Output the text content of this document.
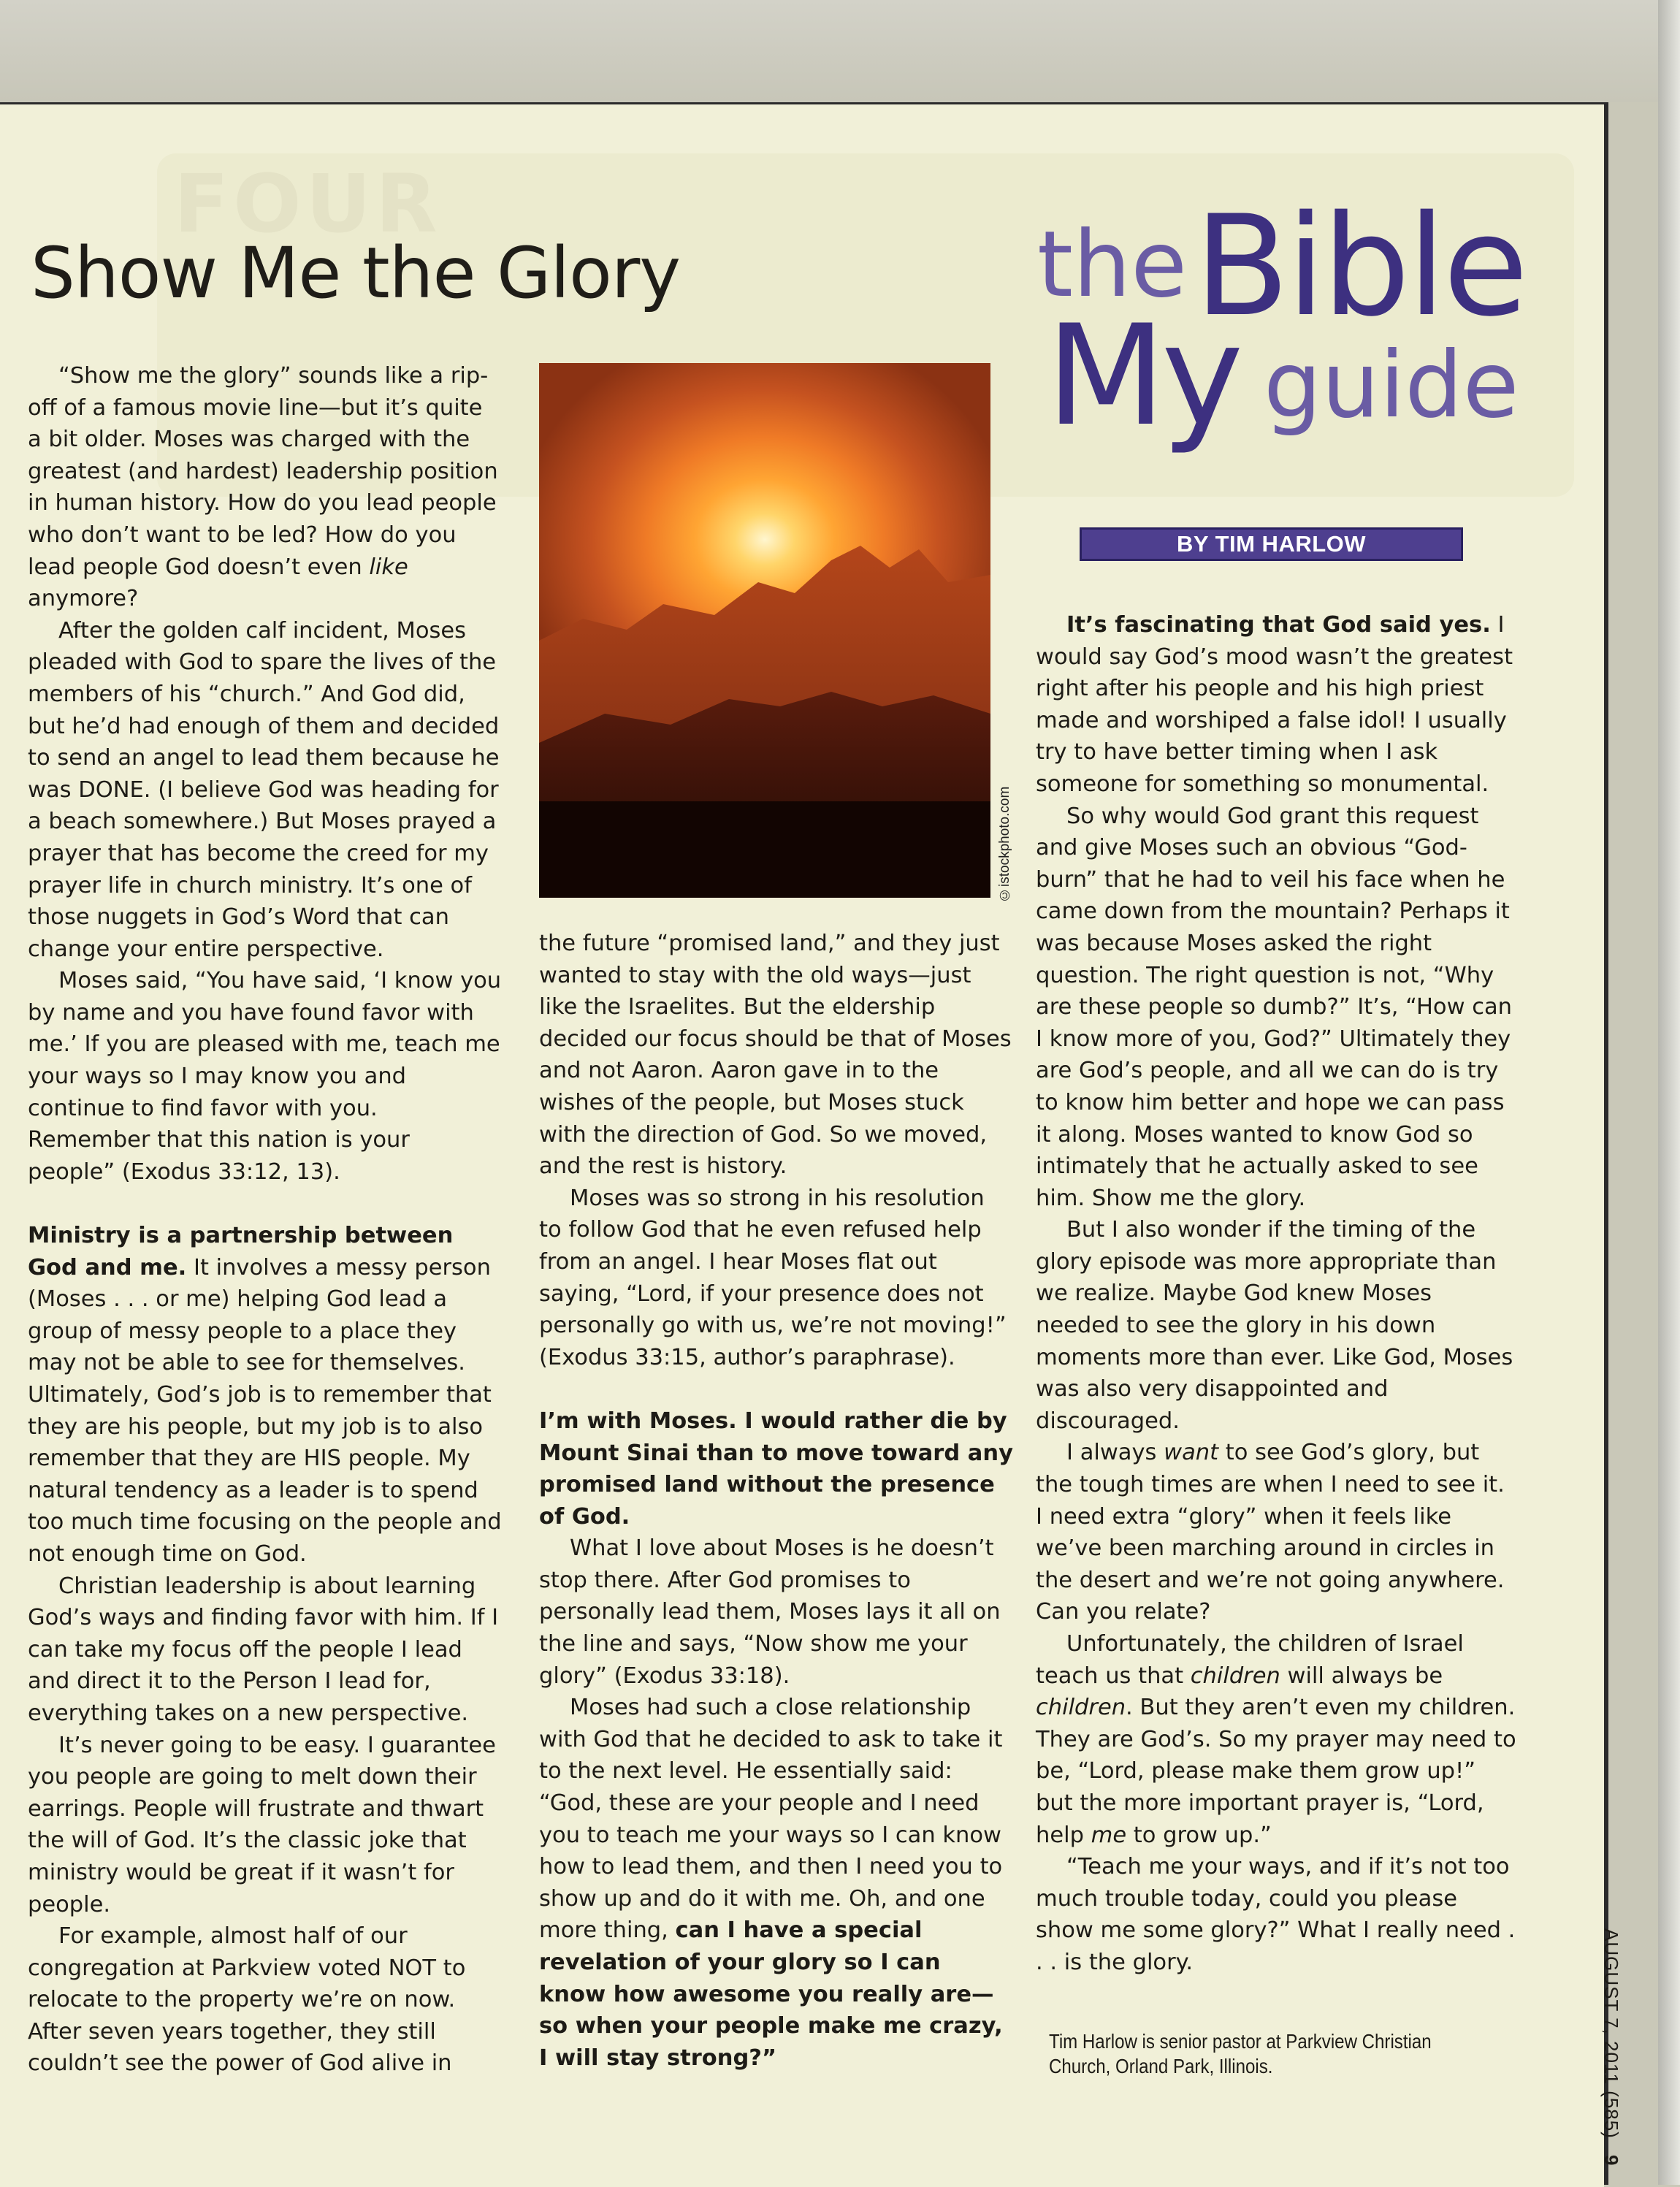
FOUR
Show Me the Glory	the Bible
My guide
BY TIM HARLOW
©istockphoto.com

“Show me the glory” sounds like a rip-off of a famous movie line—but it’s quite a bit older. Moses was charged with the greatest (and hardest) leadership position in human history. How do you lead people who don’t want to be led? How do you lead people God doesn’t even like anymore?

After the golden calf incident, Moses pleaded with God to spare the lives of the members of his “church.” And God did, but he’d had enough of them and decided to send an angel to lead them because he was DONE. (I believe God was heading for a beach somewhere.) But Moses prayed a prayer that has become the creed for my prayer life in church ministry. It’s one of those nuggets in God’s Word that can change your entire perspective.

Moses said, “You have said, ‘I know you by name and you have found favor with me.’ If you are pleased with me, teach me your ways so I may know you and continue to find favor with you. Remember that this nation is your people” (Exodus 33:12, 13).

Ministry is a partnership between God and me. It involves a messy person (Moses . . . or me) helping God lead a group of messy people to a place they may not be able to see for themselves. Ultimately, God’s job is to remember that they are his people, but my job is to also remember that they are HIS people. My natural tendency as a leader is to spend too much time focusing on the people and not enough time on God.

Christian leadership is about learning God’s ways and finding favor with him. If I can take my focus off the people I lead and direct it to the Person I lead for, everything takes on a new perspective.

It’s never going to be easy. I guarantee you people are going to melt down their earrings. People will frustrate and thwart the will of God. It’s the classic joke that ministry would be great if it wasn’t for people.

For example, almost half of our congregation at Parkview voted NOT to relocate to the property we’re on now. After seven years together, they still couldn’t see the power of God alive in

the future “promised land,” and they just wanted to stay with the old ways—just like the Israelites. But the eldership decided our focus should be that of Moses and not Aaron. Aaron gave in to the wishes of the people, but Moses stuck with the direction of God. So we moved, and the rest is history.

Moses was so strong in his resolution to follow God that he even refused help from an angel. I hear Moses flat out saying, “Lord, if your presence does not personally go with us, we’re not moving!” (Exodus 33:15, author’s paraphrase).

I’m with Moses. I would rather die by Mount Sinai than to move toward any promised land without the presence of God.

What I love about Moses is he doesn’t stop there. After God promises to personally lead them, Moses lays it all on the line and says, “Now show me your glory” (Exodus 33:18).

Moses had such a close relationship with God that he decided to ask to take it to the next level. He essentially said: “God, these are your people and I need you to teach me your ways so I can know how to lead them, and then I need you to show up and do it with me. Oh, and one more thing, can I have a special revelation of your glory so I can know how awesome you really are—so when your people make me crazy, I will stay strong?”

It’s fascinating that God said yes. I would say God’s mood wasn’t the greatest right after his people and his high priest made and worshiped a false idol! I usually try to have better timing when I ask someone for something so monumental.

So why would God grant this request and give Moses such an obvious “God-burn” that he had to veil his face when he came down from the mountain? Perhaps it was because Moses asked the right question. The right question is not, “Why are these people so dumb?” It’s, “How can I know more of you, God?” Ultimately they are God’s people, and all we can do is try to know him better and hope we can pass it along. Moses wanted to know God so intimately that he actually asked to see him. Show me the glory.

But I also wonder if the timing of the glory episode was more appropriate than we realize. Maybe God knew Moses needed to see the glory in his down moments more than ever. Like God, Moses was also very disappointed and discouraged.

I always want to see God’s glory, but the tough times are when I need to see it. I need extra “glory” when it feels like we’ve been marching around in circles in the desert and we’re not going anywhere. Can you relate?

Unfortunately, the children of Israel teach us that children will always be children. But they aren’t even my children. They are God’s. So my prayer may need to be, “Lord, please make them grow up!” but the more important prayer is, “Lord, help me to grow up.”

“Teach me your ways, and if it’s not too much trouble today, could you please show me some glory?” What I really need . . . is the glory.

Tim Harlow is senior pastor at Parkview Christian Church, Orland Park, Illinois.	AUGUST 7, 2011 (585) 9
